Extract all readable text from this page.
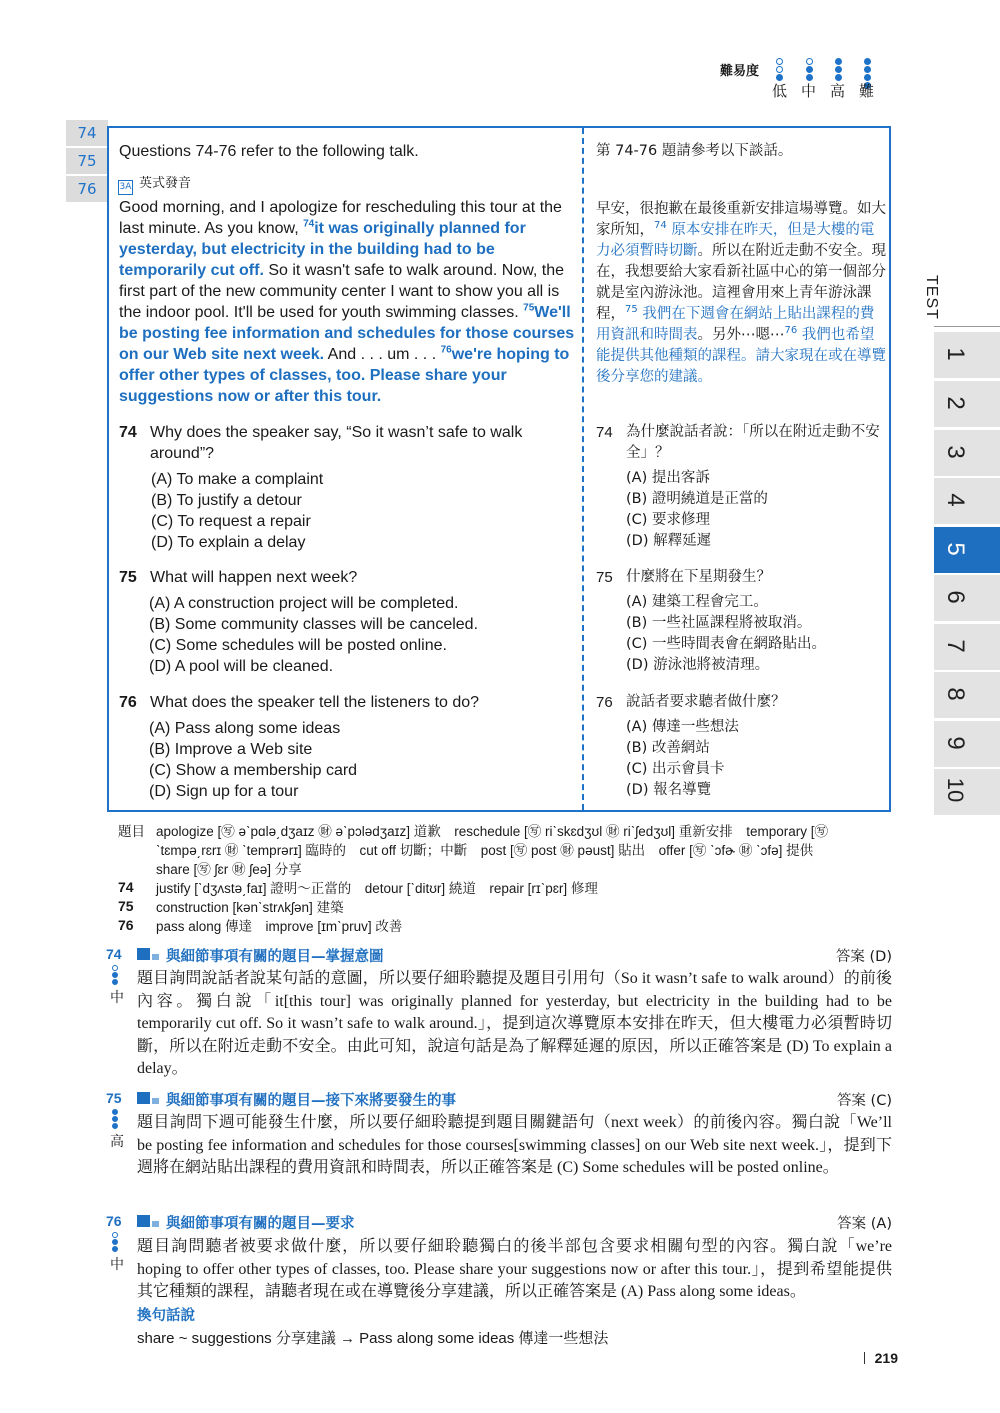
難易度
低 中 高 難
74
75
76
Questions 74-76 refer to the following talk.
3A 英式發音
Good morning, and I apologize for rescheduling this tour at the last minute. As you know, $^{74}$it was originally planned for yesterday, but electricity in the building had to be temporarily cut off. So it wasn't safe to walk around. Now, the first part of the new community center I want to show you all is the indoor pool. It'll be used for youth swimming classes. $^{75}$We'll be posting fee information and schedules for those courses on our Web site next week. And . . . um . . . $^{76}$we're hoping to offer other types of classes, too. Please share your suggestions now or after this tour.
第 74-76 題請參考以下談話。
早安，很抱歉在最後重新安排這場導覽。如大家所知，$^{74}$ 原本安排在昨天，但是大樓的電力必須暫時切斷。所以在附近走動不安全。現在，我想要給大家看新社區中心的第一個部分就是室內游泳池。這裡會用來上青年游泳課程，$^{75}$ 我們在下週會在網站上貼出課程的費用資訊和時間表。另外⋯嗯⋯$^{76}$ 我們也希望能提供其他種類的課程。請大家現在或在導覽後分享您的建議。
74 Why does the speaker say, “So it wasn’t safe to walk around”?
(A) To make a complaint
(B) To justify a detour
(C) To request a repair
(D) To explain a delay
74 為什麼說話者說：「所以在附近走動不安全」？
(A) 提出客訴
(B) 證明繞道是正當的
(C) 要求修理
(D) 解釋延遲
75 What will happen next week?
(A) A construction project will be completed.
(B) Some community classes will be canceled.
(C) Some schedules will be posted online.
(D) A pool will be cleaned.
75 什麼將在下星期發生？
(A) 建築工程會完工。
(B) 一些社區課程將被取消。
(C) 一些時間表會在網路貼出。
(D) 游泳池將被清理。
76 What does the speaker tell the listeners to do?
(A) Pass along some ideas
(B) Improve a Web site
(C) Show a membership card
(D) Sign up for a tour
76 說話者要求聽者做什麼？
(A) 傳達一些想法
(B) 改善網站
(C) 出示會員卡
(D) 報名導覽
TEST
1
2
3
4
5
6
7
8
9
10
題目 apologize [㊢ əˋpɑlə͵dʒaɪz ㊖ əˋpɔlədʒaɪz] 道歉　reschedule [㊢ riˋskɛdʒʊl ㊖ riˋʃedʒʊl] 重新安排　temporary [㊢
ˋtɛmpə͵rɛrɪ ㊖ ˋtemprərɪ] 臨時的　cut off 切斷；中斷　post [㊢ post ㊖ pəust] 貼出　offer [㊢ ˋɔfɚ ㊖ ˋɔfə] 提供
share [㊢ ʃɛr ㊖ ʃeə] 分享
74 justify [ˋdʒʌstə͵faɪ] 證明～正當的　detour [ˋditʊr] 繞道　repair [rɪˋpɛr] 修理
75 construction [kənˋstrʌkʃən] 建築
76 pass along 傳達　improve [ɪmˋpruv] 改善
74	與細節事項有關的題目—掌握意圖	答案 (D)
中
題目詢問說話者說某句話的意圖，所以要仔細聆聽提及題目引用句（So it wasn’t safe to walk around）的前後內容。獨白說「it[this tour] was originally planned for yesterday, but electricity in the building had to be temporarily cut off. So it wasn’t safe to walk around.」，提到這次導覽原本安排在昨天，但大樓電力必須暫時切斷，所以在附近走動不安全。由此可知，說這句話是為了解釋延遲的原因，所以正確答案是 (D) To explain a delay。
75	與細節事項有關的題目—接下來將要發生的事	答案 (C)
高
題目詢問下週可能發生什麼，所以要仔細聆聽提到題目關鍵語句（next week）的前後內容。獨白說「We’ll be posting fee information and schedules for those courses[swimming classes] on our Web site next week.」，提到下週將在網站貼出課程的費用資訊和時間表，所以正確答案是 (C) Some schedules will be posted online。
76	與細節事項有關的題目—要求	答案 (A)
中
題目詢問聽者被要求做什麼，所以要仔細聆聽獨白的後半部包含要求相關句型的內容。獨白說「we’re hoping to offer other types of classes, too. Please share your suggestions now or after this tour.」，提到希望能提供其它種類的課程，請聽者現在或在導覽後分享建議，所以正確答案是 (A) Pass along some ideas。
換句話說
share ~ suggestions 分享建議 → Pass along some ideas 傳達一些想法
219
